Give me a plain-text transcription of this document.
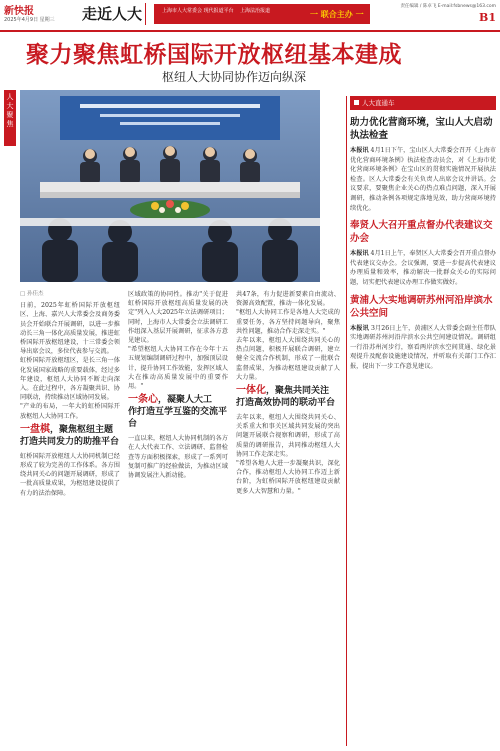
新快报
2025年4月9日 星期三 走近人大	上海市人大常委会 现代报道平台 上海法治报道	一 联合主办 一
责任编辑 / 陈卓飞 E-mail:fsbnews@163.com
B1
聚力聚焦虹桥国际开放枢纽基本建成
枢纽人大协同协作迈向纵深
人大聚焦
□ 孙佳杰

日前，2025年虹桥国际开放枢纽区、上海、嘉兴人大常委会及商务委员会开始联合开展调研，以进一步推动长三角一体化高质量发展，推进虹桥国际开放枢纽建设，十三常委会领导出席会议，多位代表参与交流。

虹桥国际开放枢纽区，是长三角一体化发展国家战略的重要载体，经过多年建设，枢纽人大协同不断走向深入。在此过程中，各方凝聚共识、协同联动，持续推动区域协同发展。

"产业的布局，一年大的虹桥国际开放枢纽人大协同工作。

一盘棋，聚焦枢纽主题
打造共同发力的助推平台

虹桥国际开放枢纽人大协同机制已经形成了较为完善的工作体系。各方围绕共同关心的问题开展调研，形成了一批高质量成果，为枢纽建设提供了有力的法治保障。

区域政策的协同性。推动"关于促进虹桥国际开放枢纽高质量发展的决定"列入人大2025年立法调研项目；同时，上海市人大常委会立法调研工作组深入基层开展调研，征求各方意见建议。

"希望枢纽人大协同工作在今年十五五规划编制调研过程中，加强顶层设计，提升协同工作效能，发挥区域人大在推动高质量发展中的重要作用。"

一条心，凝聚人大工
作打造互学互鉴的交流平台

一直以来，枢纽人大协同机制的各方在人大代表工作、立法调研、监督检查等方面积极探索，形成了一系列可复制可推广的经验做法，为推动区域协调发展注入新动能。

共47条，有力促进新要素自由流动、资源高效配置，推动一体化发展。

"枢纽人大协同工作是各地人大完成的重要任务，各方坚持问题导向，聚焦共性问题，推动合作走深走实。"

去年以来，枢纽人大围绕共同关心的热点问题，积极开展联合调研，建立健全交流合作机制，形成了一批联合监督成果，为推动枢纽建设贡献了人大力量。

一体化，聚焦共同关注
打造高效协同的联动平台

去年以来，枢纽人大围绕共同关心、关系重大和事关区域共同发展的突出问题开展联合视察和调研，形成了高质量的调研报告，共同推动枢纽人大协同工作走深走实。

"希望各地人大进一步凝聚共识，深化合作，推动枢纽人大协同工作迈上新台阶，为虹桥国际开放枢纽建设贡献更多人大智慧和力量。"

人大直通车
助力优化营商环境，宝山人大启动执法检查
本报讯 4月1日下午，宝山区人大常委会召开《上海市优化营商环境条例》执法检查动员会，对《上海市优化营商环境条例》在宝山区的贯彻实施情况开展执法检查。区人大常委会有关负责人出席会议并讲话。会议要求，要聚焦企业关心的热点难点问题，深入开展调研，推动条例各项规定落地见效，助力营商环境持续优化。
奉贤人大召开重点督办代表建议交办会
本报讯 4月1日上午，奉贤区人大常委会召开重点督办代表建议交办会。会议强调，要进一步提高代表建议办理质量和效率，推动解决一批群众关心的实际问题，切实把代表建议办理工作做实做好。
黄浦人大实地调研苏州河沿岸滨水公共空间
本报讯 3月26日上午，黄浦区人大常委会副主任带队实地调研苏州河沿岸滨水公共空间建设情况。调研组一行沿苏州河步行，察看两岸滨水空间贯通、绿化景观提升及配套设施建设情况，并听取有关部门工作汇报，提出下一步工作意见建议。
